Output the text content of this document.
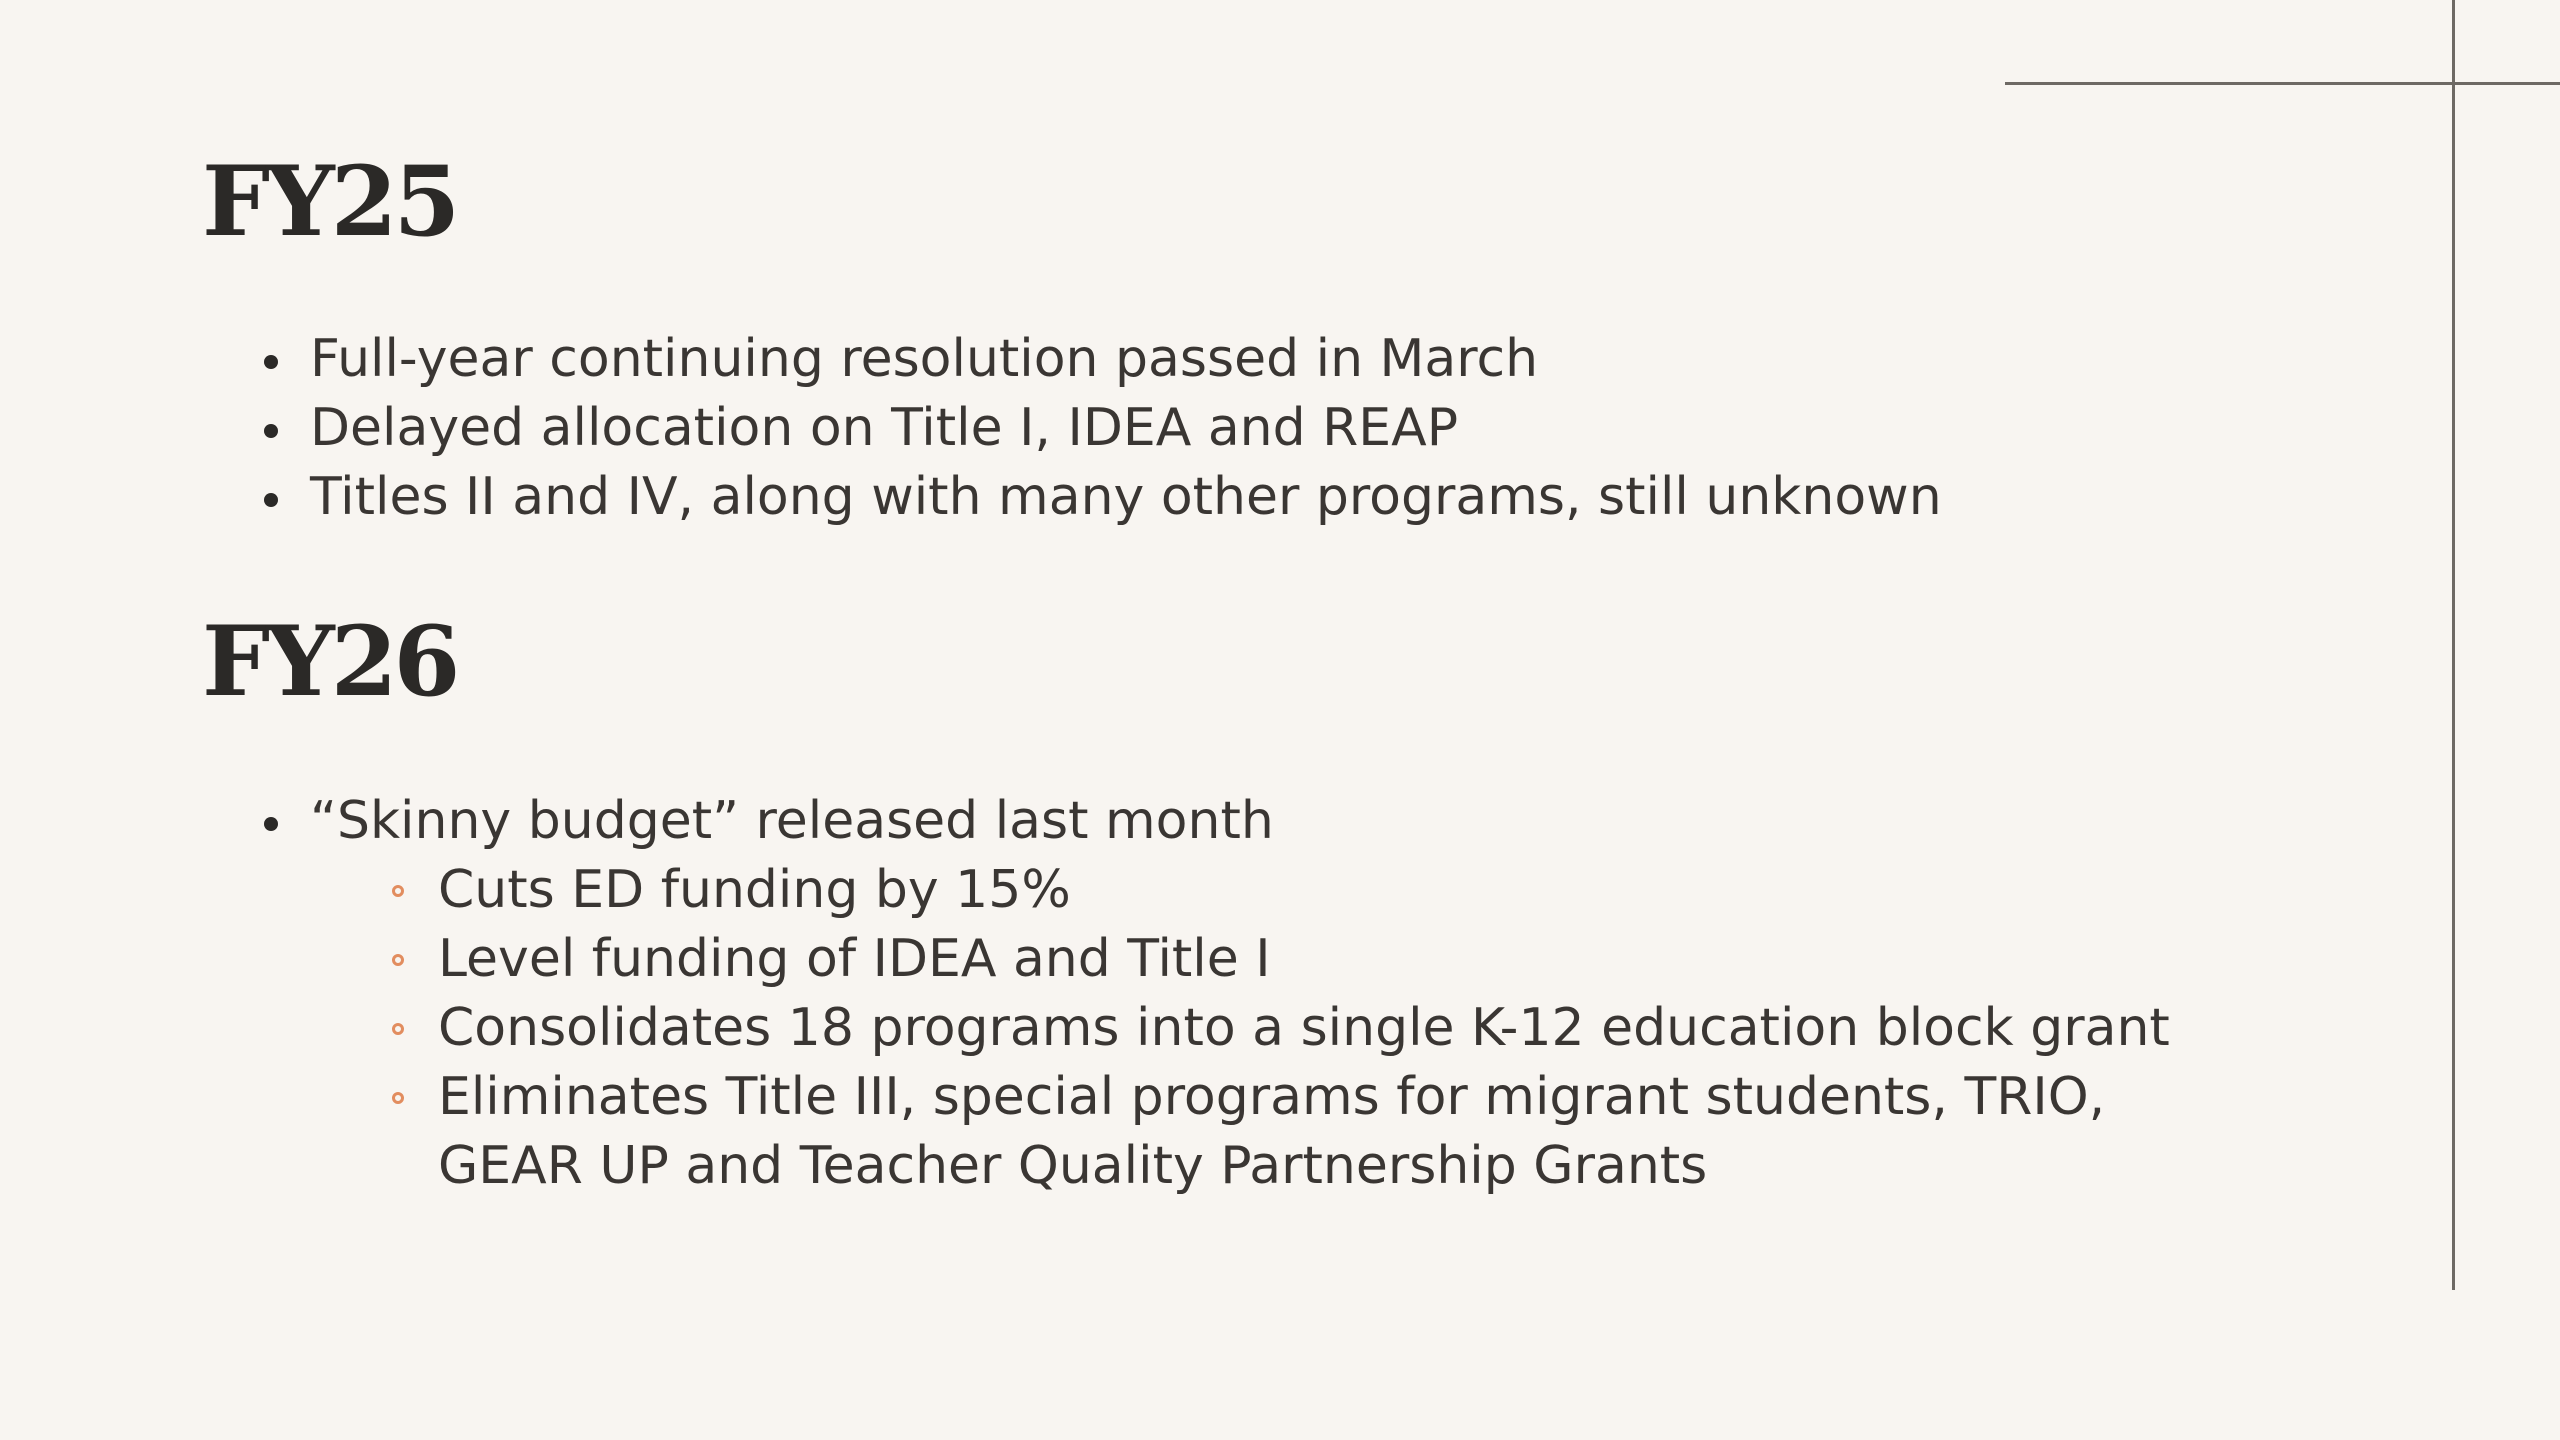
FY25
Full-year continuing resolution passed in March
Delayed allocation on Title I, IDEA and REAP
Titles II and IV, along with many other programs, still unknown
FY26
“Skinny budget” released last month
Cuts ED funding by 15%
Level funding of IDEA and Title I
Consolidates 18 programs into a single K-12 education block grant
Eliminates Title III, special programs for migrant students, TRIO, GEAR UP and Teacher Quality Partnership Grants
